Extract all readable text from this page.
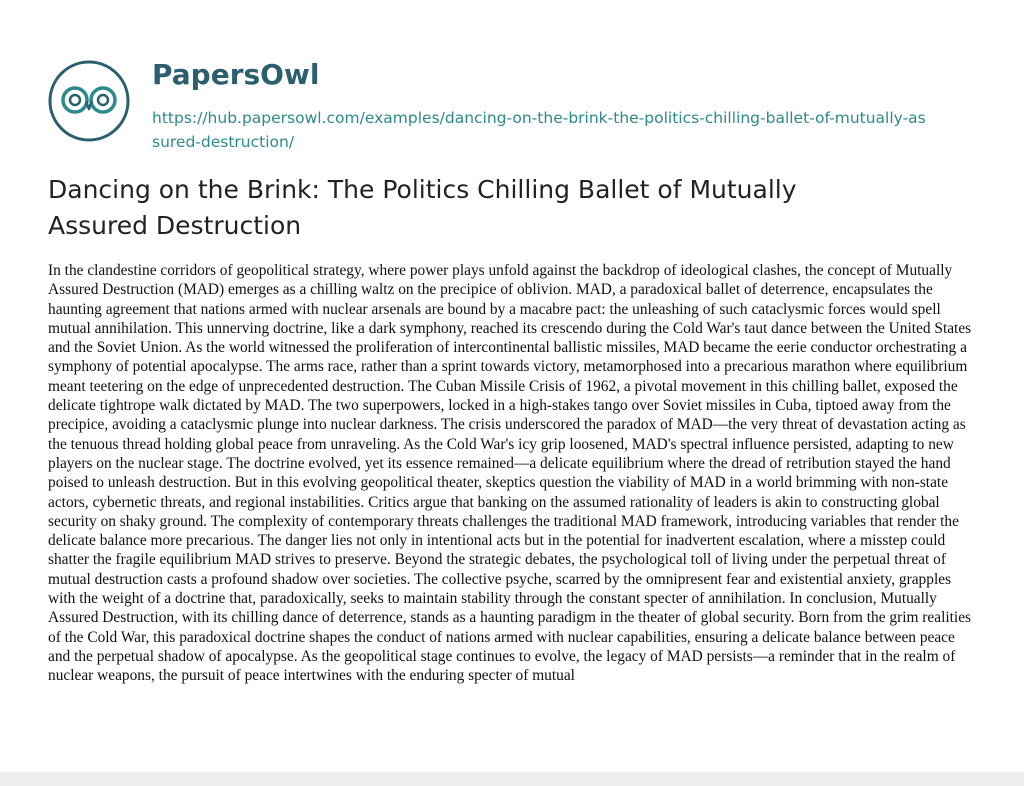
PapersOwl
https://hub.papersowl.com/examples/dancing-on-the-brink-the-politics-chilling-ballet-of-mutually-assured-destruction/
Dancing on the Brink: The Politics Chilling Ballet of Mutually Assured Destruction

In the clandestine corridors of geopolitical strategy, where power plays unfold against the backdrop of ideological clashes, the concept of Mutually Assured Destruction (MAD) emerges as a chilling waltz on the precipice of oblivion. MAD, a paradoxical ballet of deterrence, encapsulates the haunting agreement that nations armed with nuclear arsenals are bound by a macabre pact: the unleashing of such cataclysmic forces would spell mutual annihilation. This unnerving doctrine, like a dark symphony, reached its crescendo during the Cold War's taut dance between the United States and the Soviet Union. As the world witnessed the proliferation of intercontinental ballistic missiles, MAD became the eerie conductor orchestrating a symphony of potential apocalypse. The arms race, rather than a sprint towards victory, metamorphosed into a precarious marathon where equilibrium meant teetering on the edge of unprecedented destruction. The Cuban Missile Crisis of 1962, a pivotal movement in this chilling ballet, exposed the delicate tightrope walk dictated by MAD. The two superpowers, locked in a high-stakes tango over Soviet missiles in Cuba, tiptoed away from the precipice, avoiding a cataclysmic plunge into nuclear darkness. The crisis underscored the paradox of MAD—the very threat of devastation acting as the tenuous thread holding global peace from unraveling. As the Cold War's icy grip loosened, MAD's spectral influence persisted, adapting to new players on the nuclear stage. The doctrine evolved, yet its essence remained—a delicate equilibrium where the dread of retribution stayed the hand poised to unleash destruction. But in this evolving geopolitical theater, skeptics question the viability of MAD in a world brimming with non-state actors, cybernetic threats, and regional instabilities. Critics argue that banking on the assumed rationality of leaders is akin to constructing global security on shaky ground. The complexity of contemporary threats challenges the traditional MAD framework, introducing variables that render the delicate balance more precarious. The danger lies not only in intentional acts but in the potential for inadvertent escalation, where a misstep could shatter the fragile equilibrium MAD strives to preserve. Beyond the strategic debates, the psychological toll of living under the perpetual threat of mutual destruction casts a profound shadow over societies. The collective psyche, scarred by the omnipresent fear and existential anxiety, grapples with the weight of a doctrine that, paradoxically, seeks to maintain stability through the constant specter of annihilation. In conclusion, Mutually Assured Destruction, with its chilling dance of deterrence, stands as a haunting paradigm in the theater of global security. Born from the grim realities of the Cold War, this paradoxical doctrine shapes the conduct of nations armed with nuclear capabilities, ensuring a delicate balance between peace and the perpetual shadow of apocalypse. As the geopolitical stage continues to evolve, the legacy of MAD persists—a reminder that in the realm of nuclear weapons, the pursuit of peace intertwines with the enduring specter of mutual
